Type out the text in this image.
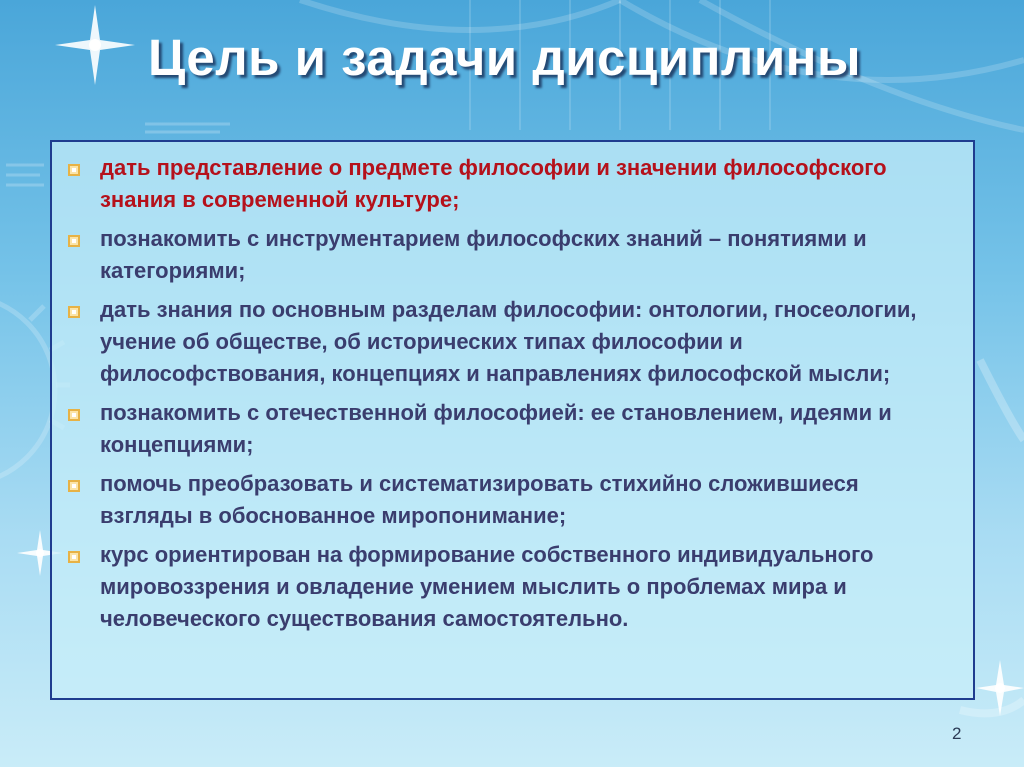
Цель и задачи дисциплины
дать представление о предмете философии и значении философского знания в современной культуре;
познакомить с инструментарием философских знаний – понятиями и категориями;
дать знания по основным разделам философии: онтологии, гносеологии, учение об обществе, об исторических типах философии и философствования, концепциях и направлениях философской мысли;
познакомить с отечественной философией: ее становлением, идеями и концепциями;
помочь преобразовать и систематизировать стихийно сложившиеся взгляды в обоснованное миропонимание;
курс ориентирован на формирование собственного индивидуального мировоззрения и овладение умением мыслить о проблемах мира и человеческого существования самостоятельно.
2
